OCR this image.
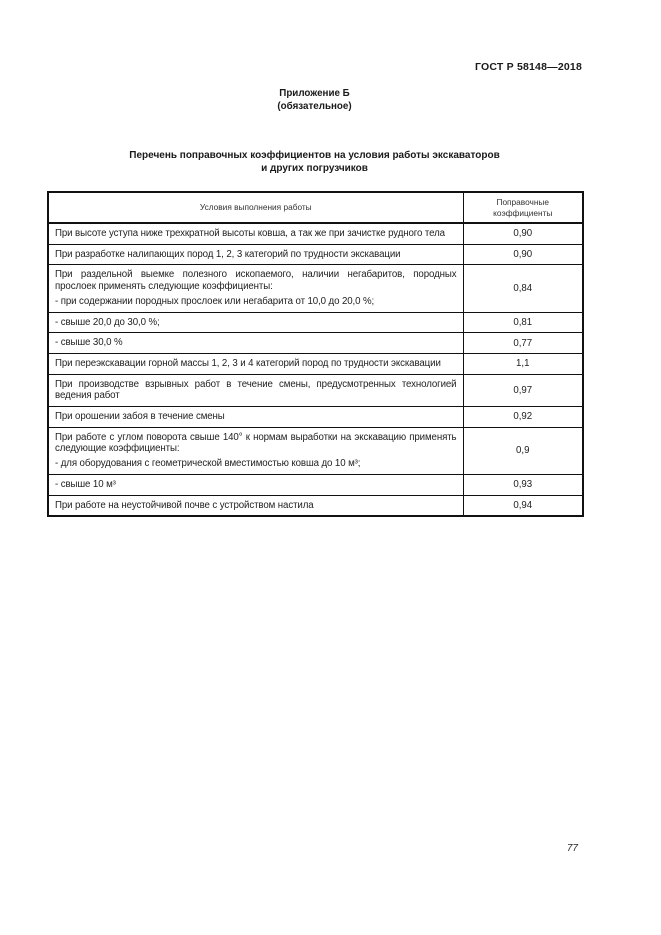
ГОСТ Р 58148—2018
Приложение Б
(обязательное)
Перечень поправочных коэффициентов на условия работы экскаваторов
и других погрузчиков
Условия выполнения работы	Поправочные коэффициенты

При высоте уступа ниже трехкратной высоты ковша, а так же при зачистке рудного тела	0,90

При разработке налипающих пород 1, 2, 3 категорий по трудности экскавации	0,90

При раздельной выемке полезного ископаемого, наличии негабаритов, породных прослоек применять следующие коэффициенты:

- при содержании породных прослоек или негабарита от 10,0 до 20,0 %;	0,84

- свыше 20,0 до 30,0 %;	0,81

- свыше 30,0 %	0,77

При переэкскавации горной массы 1, 2, 3 и 4 категорий пород по трудности экскавации	1,1

При производстве взрывных работ в течение смены, предусмотренных технологией ведения работ	0,97

При орошении забоя в течение смены	0,92

При работе с углом поворота свыше 140° к нормам выработки на экскавацию применять следующие коэффициенты:

- для оборудования с геометрической вместимостью ковша до 10 м³;	0,9

- свыше 10 м³	0,93

При работе на неустойчивой почве с устройством настила	0,94
77
